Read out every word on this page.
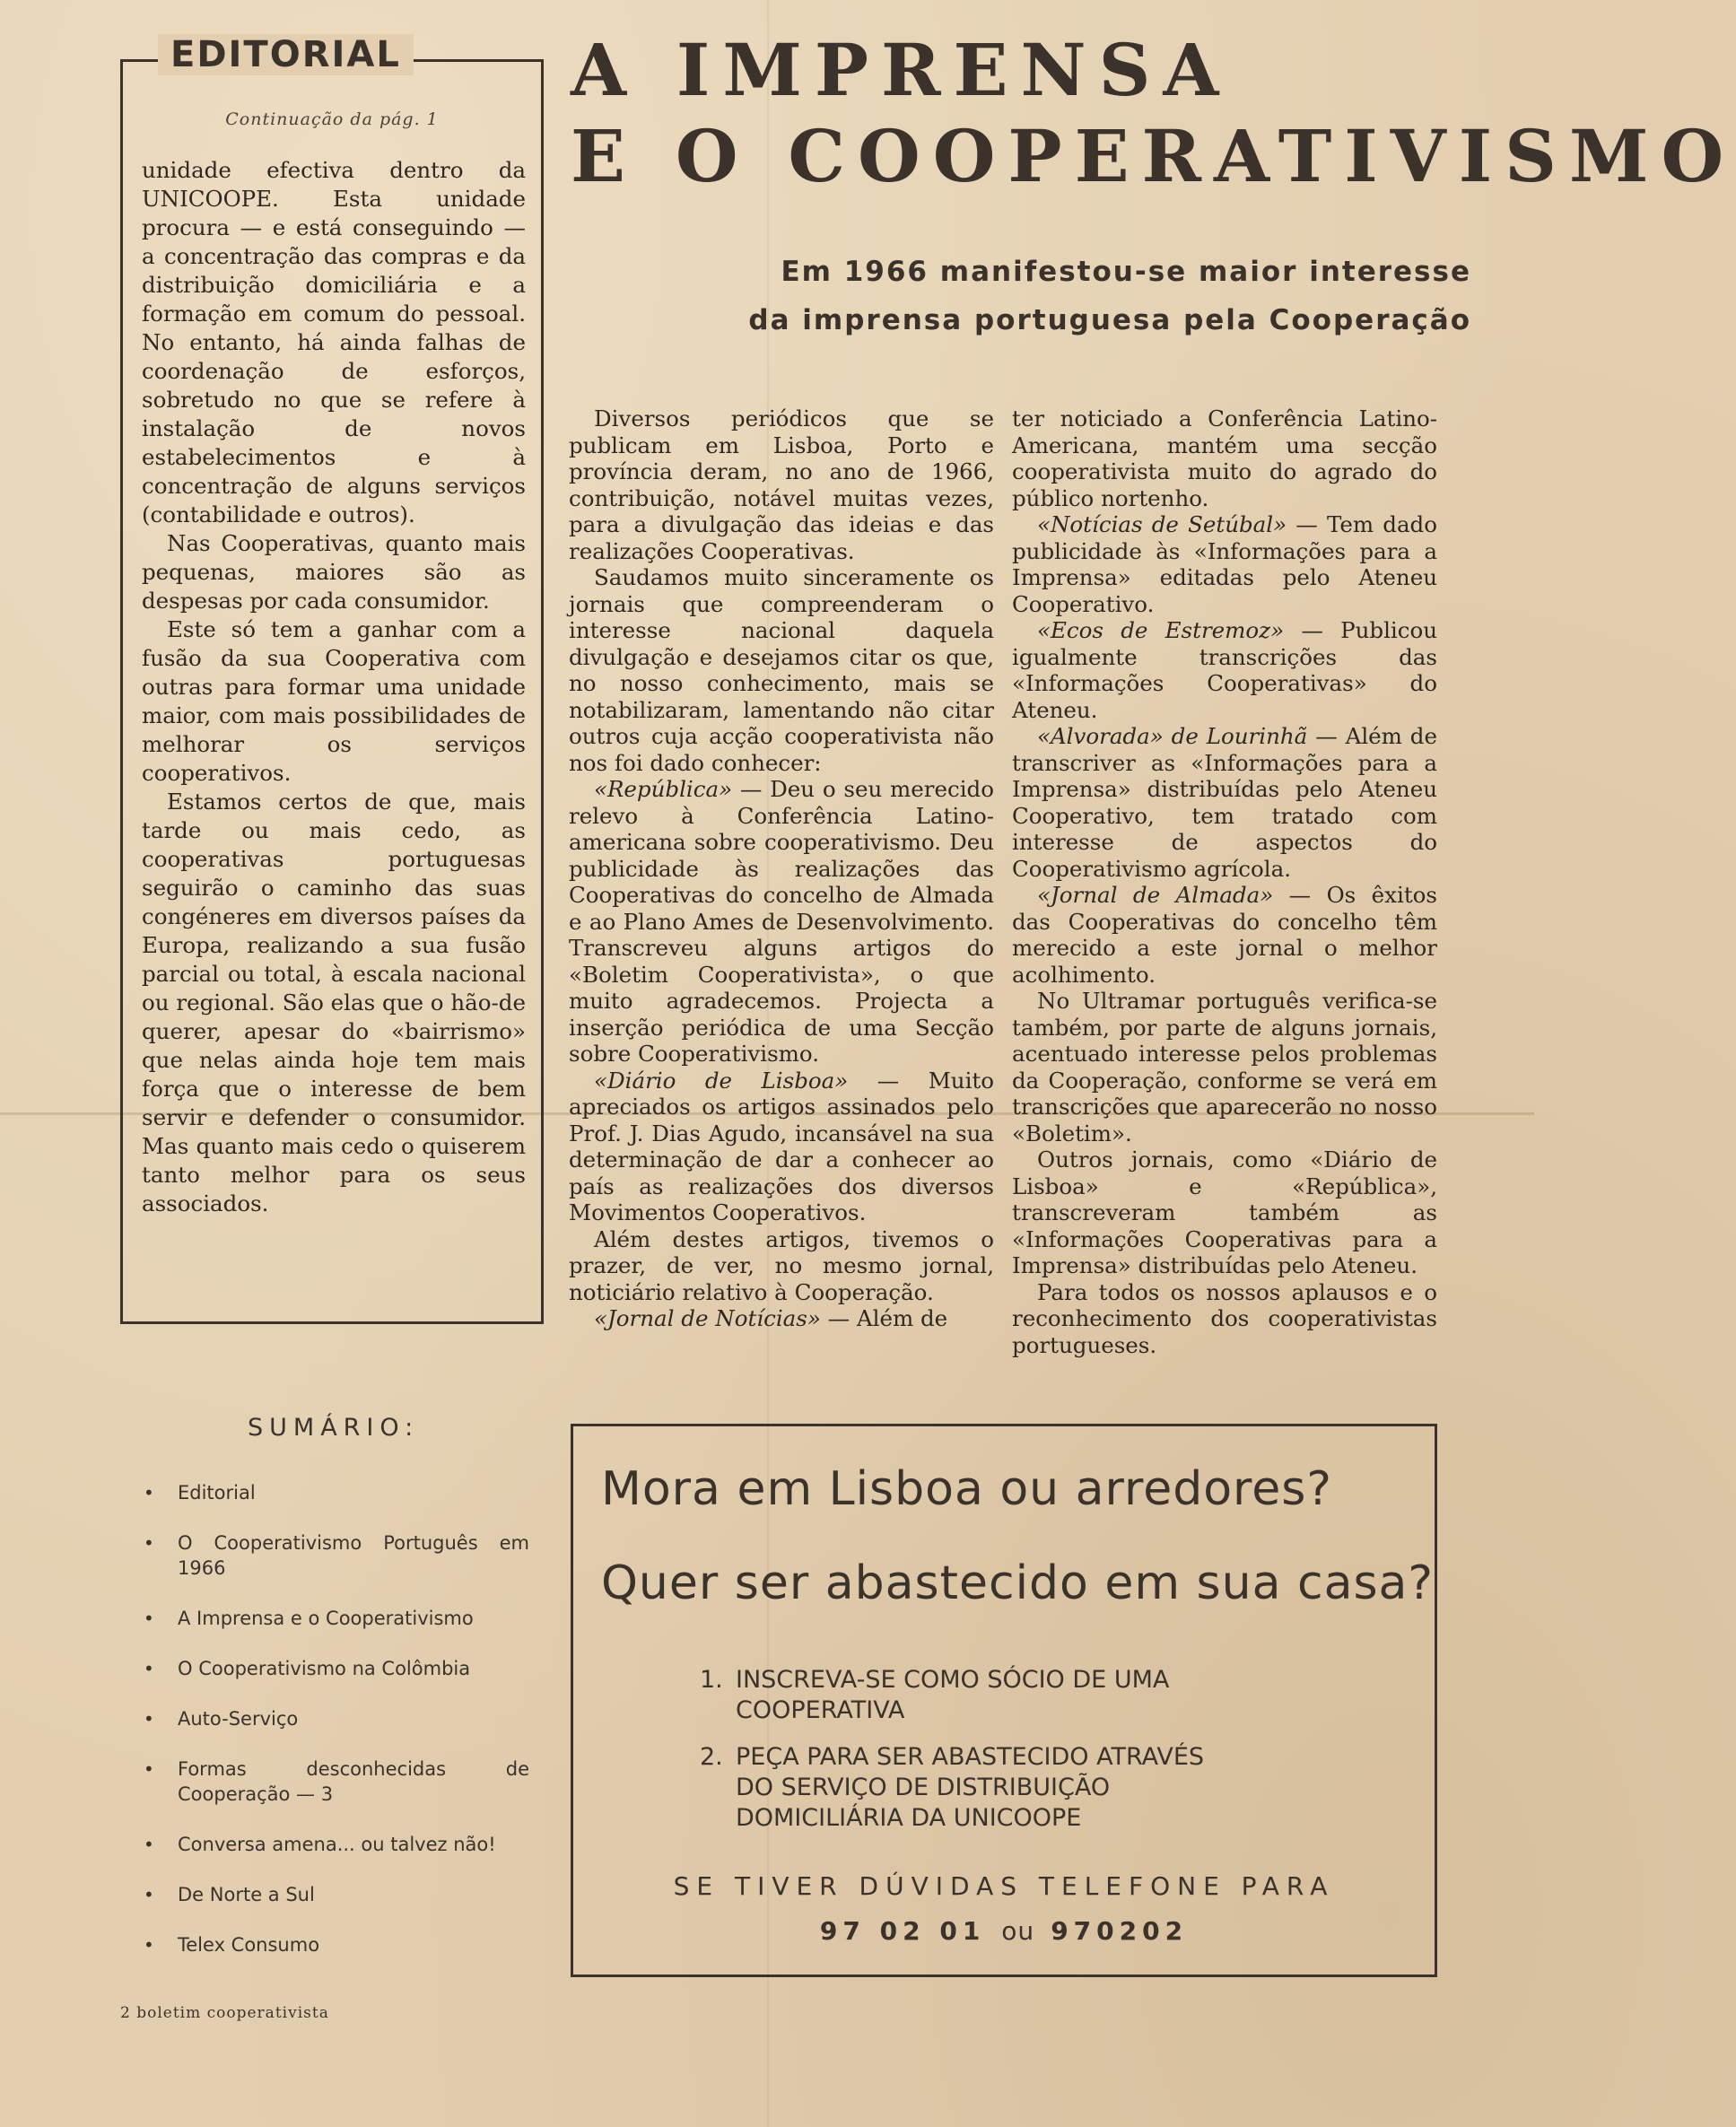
EDITORIAL
Continuação da pág. 1

unidade efectiva dentro da UNICOOPE. Esta unidade procura — e está conseguindo — a concentração das compras e da distribuição domiciliária e a formação em comum do pessoal. No entanto, há ainda falhas de coordenação de esforços, sobretudo no que se refere à instalação de novos estabelecimentos e à concentração de alguns serviços (contabilidade e outros).

Nas Cooperativas, quanto mais pequenas, maiores são as despesas por cada consumidor.

Este só tem a ganhar com a fusão da sua Cooperativa com outras para formar uma unidade maior, com mais possibilidades de melhorar os serviços cooperativos.

Estamos certos de que, mais tarde ou mais cedo, as cooperativas portuguesas seguirão o caminho das suas congéneres em diversos países da Europa, realizando a sua fusão parcial ou total, à escala nacional ou regional. São elas que o hão-de querer, apesar do «bairrismo» que nelas ainda hoje tem mais força que o interesse de bem servir e defender o consumidor. Mas quanto mais cedo o quiserem tanto melhor para os seus associados.

A IMPRENSA
E O COOPERATIVISMO
Em 1966 manifestou-se maior interesse
da imprensa portuguesa pela Cooperação

Diversos periódicos que se publicam em Lisboa, Porto e província deram, no ano de 1966, contribuição, notável muitas vezes, para a divulgação das ideias e das realizações Cooperativas.

Saudamos muito sinceramente os jornais que compreenderam o interesse nacional daquela divulgação e desejamos citar os que, no nosso conhecimento, mais se notabilizaram, lamentando não citar outros cuja acção cooperativista não nos foi dado conhecer:

«República» — Deu o seu merecido relevo à Conferência Latino-americana sobre cooperativismo. Deu publicidade às realizações das Cooperativas do concelho de Almada e ao Plano Ames de Desenvolvimento. Transcreveu alguns artigos do «Boletim Cooperativista», o que muito agradecemos. Projecta a inserção periódica de uma Secção sobre Cooperativismo.

«Diário de Lisboa» — Muito apreciados os artigos assinados pelo Prof. J. Dias Agudo, incansável na sua determinação de dar a conhecer ao país as realizações dos diversos Movimentos Cooperativos.

Além destes artigos, tivemos o prazer, de ver, no mesmo jornal, noticiário relativo à Cooperação.

«Jornal de Notícias» — Além de

ter noticiado a Conferência Latino-Americana, mantém uma secção cooperativista muito do agrado do público nortenho.

«Notícias de Setúbal» — Tem dado publicidade às «Informações para a Imprensa» editadas pelo Ateneu Cooperativo.

«Ecos de Estremoz» — Publicou igualmente transcrições das «Informações Cooperativas» do Ateneu.

«Alvorada» de Lourinhã — Além de transcriver as «Informações para a Imprensa» distribuídas pelo Ateneu Cooperativo, tem tratado com interesse de aspectos do Cooperativismo agrícola.

«Jornal de Almada» — Os êxitos das Cooperativas do concelho têm merecido a este jornal o melhor acolhimento.

No Ultramar português verifica-se também, por parte de alguns jornais, acentuado interesse pelos problemas da Cooperação, conforme se verá em transcrições que aparecerão no nosso «Boletim».

Outros jornais, como «Diário de Lisboa» e «República», transcreveram também as «Informações Cooperativas para a Imprensa» distribuídas pelo Ateneu.

Para todos os nossos aplausos e o reconhecimento dos cooperativistas portugueses.

SUMÁRIO:
• Editorial
• O Cooperativismo Português em 1966
• A Imprensa e o Cooperativismo
• O Cooperativismo na Colômbia
• Auto-Serviço
• Formas desconhecidas de Cooperação — 3
• Conversa amena... ou talvez não!
• De Norte a Sul
• Telex Consumo
2 boletim cooperativista
Mora em Lisboa ou arredores?
Quer ser abastecido em sua casa?
1. INSCREVA-SE COMO SÓCIO DE UMA COOPERATIVA
2. PEÇA PARA SER ABASTECIDO ATRAVÉS DO SERVIÇO DE DISTRIBUIÇÃO DOMICILIÁRIA DA UNICOOPE
SE TIVER DÚVIDAS TELEFONE PARA
97 02 01 ou 970202
